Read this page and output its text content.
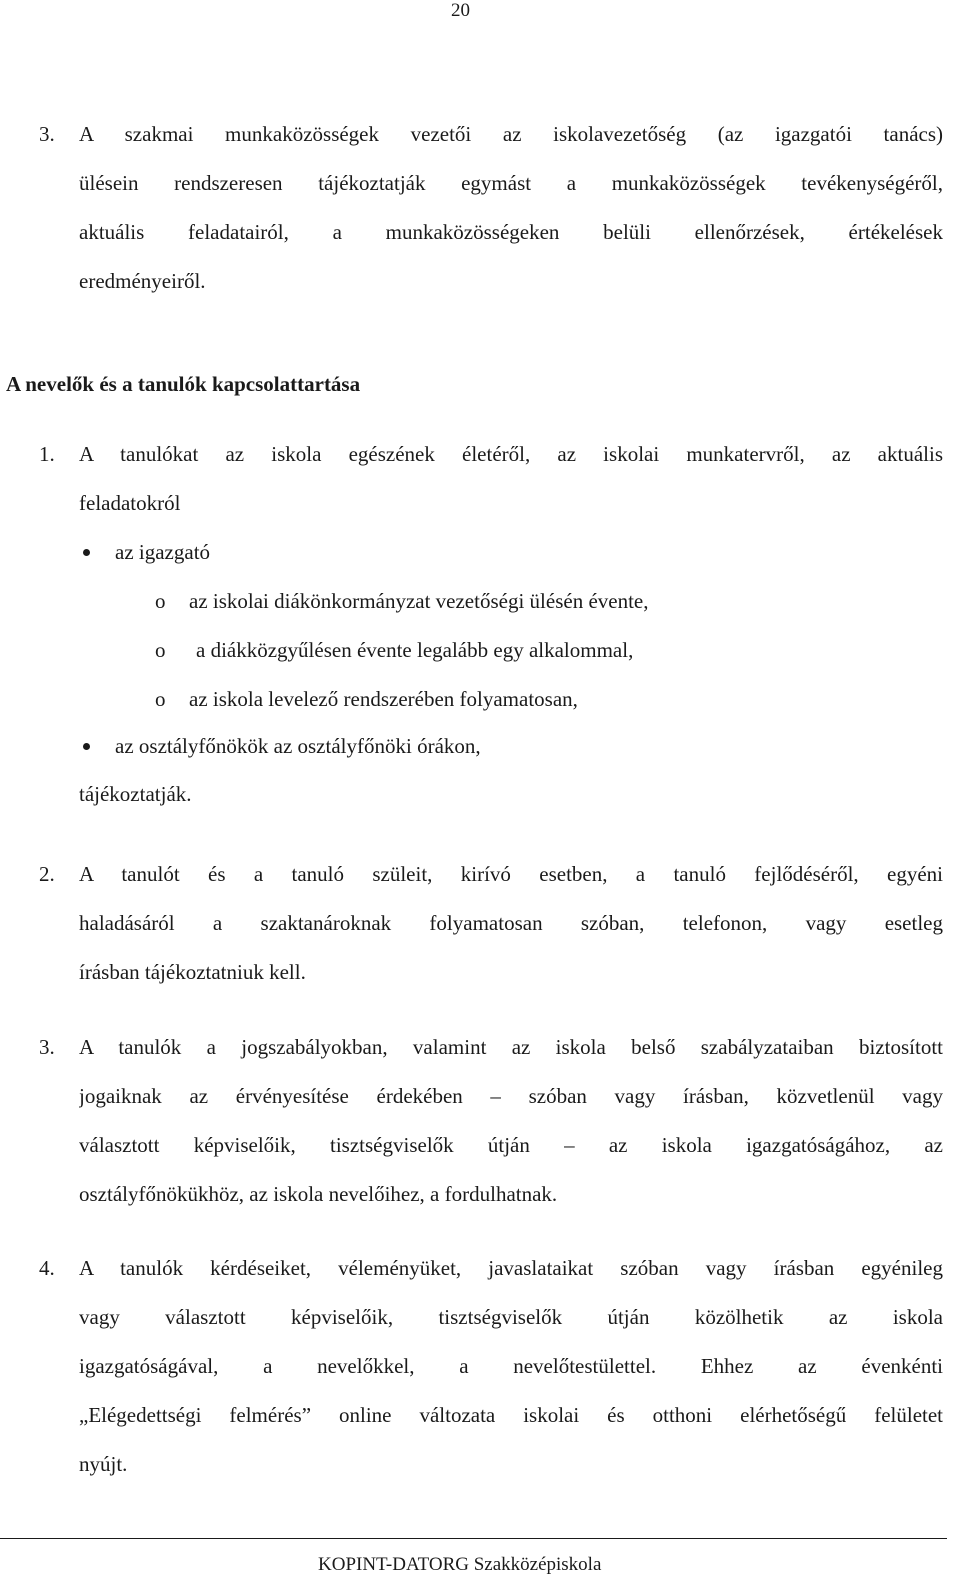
20
3. A szakmai munkaközösségek vezetői az iskolavezetőség (az igazgatói tanács)
ülésein rendszeresen tájékoztatják egymást a munkaközösségek tevékenységéről,
aktuális feladatairól, a munkaközösségeken belüli ellenőrzések, értékelések
eredményeiről.
A nevelők és a tanulók kapcsolattartása
1. A tanulókat az iskola egészének életéről, az iskolai munkatervről, az aktuális
feladatokról
az igazgató
o az iskolai diákönkormányzat vezetőségi ülésén évente,
o a diákközgyűlésen évente legalább egy alkalommal,
o az iskola levelező rendszerében folyamatosan,
az osztályfőnökök az osztályfőnöki órákon,
tájékoztatják.
2. A tanulót és a tanuló szüleit, kirívó esetben, a tanuló fejlődéséről, egyéni
haladásáról a szaktanároknak folyamatosan szóban, telefonon, vagy esetleg
írásban tájékoztatniuk kell.
3. A tanulók a jogszabályokban, valamint az iskola belső szabályzataiban biztosított
jogaiknak az érvényesítése érdekében – szóban vagy írásban, közvetlenül vagy
választott képviselőik, tisztségviselők útján – az iskola igazgatóságához, az
osztályfőnökükhöz, az iskola nevelőihez, a fordulhatnak.
4. A tanulók kérdéseiket, véleményüket, javaslataikat szóban vagy írásban egyénileg
vagy választott képviselőik, tisztségviselők útján közölhetik az iskola
igazgatóságával, a nevelőkkel, a nevelőtestülettel. Ehhez az évenkénti
„Elégedettségi felmérés” online változata iskolai és otthoni elérhetőségű felületet
nyújt.
KOPINT-DATORG Szakközépiskola
